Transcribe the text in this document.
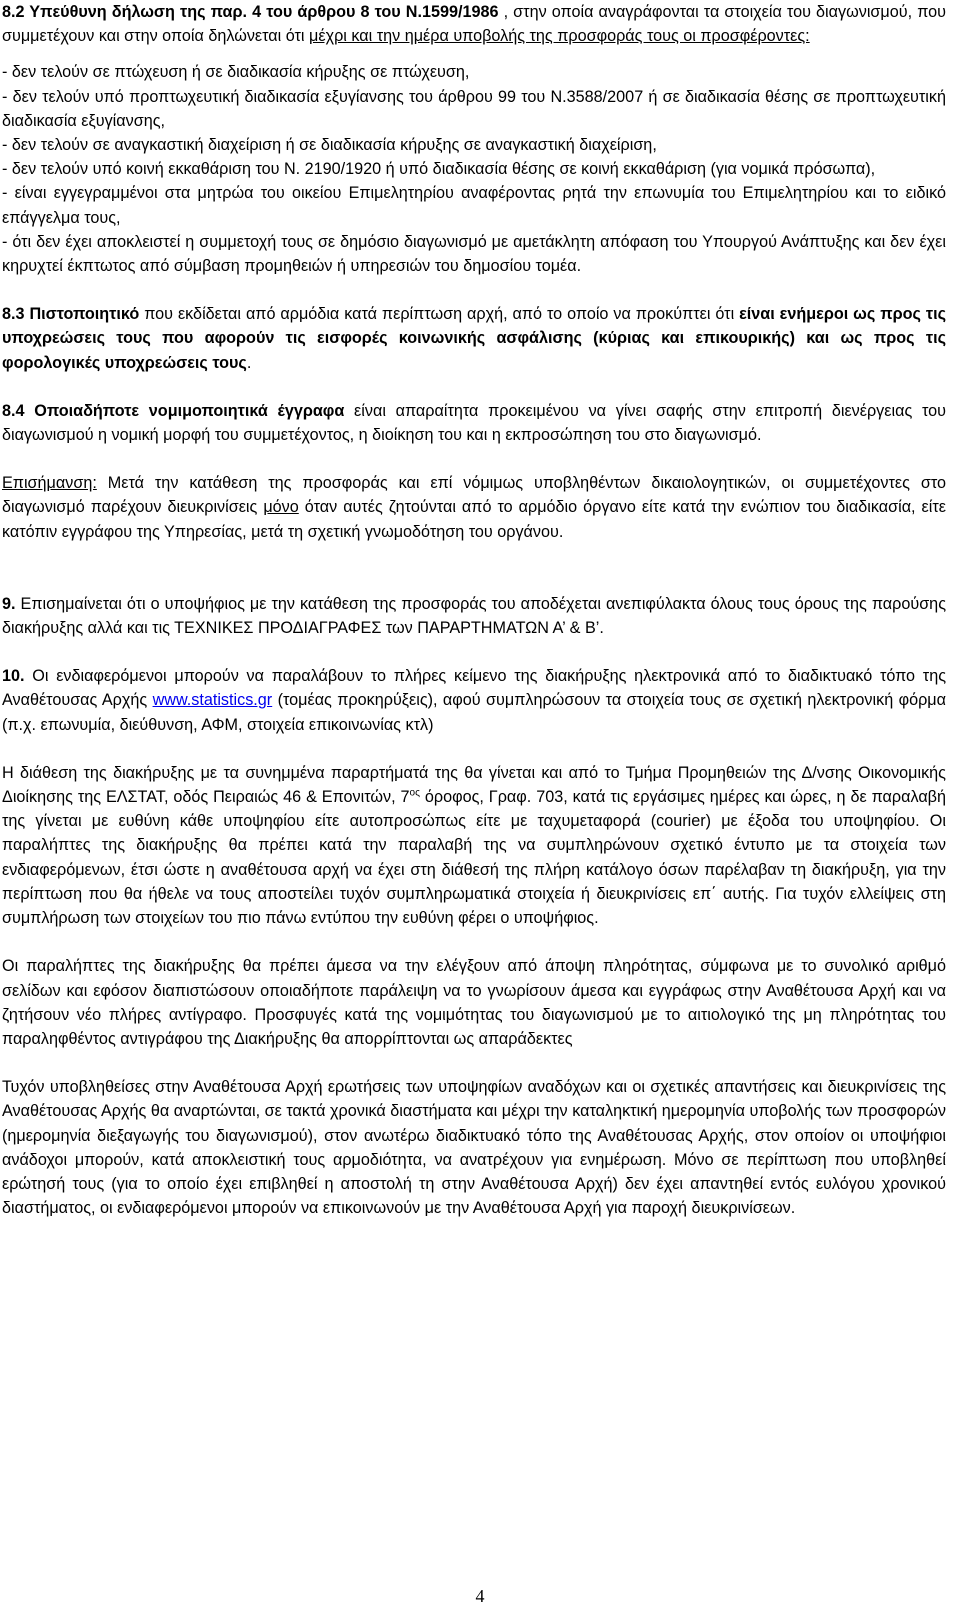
8.2 Υπεύθυνη δήλωση της παρ. 4 του άρθρου 8 του Ν.1599/1986 , στην οποία αναγράφονται τα στοιχεία του διαγωνισμού, που συμμετέχουν και στην οποία δηλώνεται ότι μέχρι και την ημέρα υποβολής της προσφοράς τους οι προσφέροντες:

- δεν τελούν σε πτώχευση ή σε διαδικασία κήρυξης σε πτώχευση,

- δεν τελούν υπό προπτωχευτική διαδικασία εξυγίανσης του άρθρου 99 του Ν.3588/2007 ή σε διαδικασία θέσης σε προπτωχευτική διαδικασία εξυγίανσης,

- δεν τελούν σε αναγκαστική διαχείριση ή σε διαδικασία κήρυξης σε αναγκαστική διαχείριση,

- δεν τελούν υπό κοινή εκκαθάριση του Ν. 2190/1920 ή υπό διαδικασία θέσης σε κοινή εκκαθάριση (για νομικά πρόσωπα),

- είναι εγγεγραμμένοι στα μητρώα του οικείου Επιμελητηρίου αναφέροντας ρητά την επωνυμία του Επιμελητηρίου και το ειδικό επάγγελμα τους,

- ότι δεν έχει αποκλειστεί η συμμετοχή τους σε δημόσιο διαγωνισμό με αμετάκλητη απόφαση του Υπουργού Ανάπτυξης και δεν έχει κηρυχτεί έκπτωτος από σύμβαση προμηθειών ή υπηρεσιών του δημοσίου τομέα.

8.3 Πιστοποιητικό που εκδίδεται από αρμόδια κατά περίπτωση αρχή, από το οποίο να προκύπτει ότι είναι ενήμεροι ως προς τις υποχρεώσεις τους που αφορούν τις εισφορές κοινωνικής ασφάλισης (κύριας και επικουρικής) και ως προς τις φορολογικές υποχρεώσεις τους.

8.4 Οποιαδήποτε νομιμοποιητικά έγγραφα είναι απαραίτητα προκειμένου να γίνει σαφής στην επιτροπή διενέργειας του διαγωνισμού η νομική μορφή του συμμετέχοντος, η διοίκηση του και η εκπροσώπηση του στο διαγωνισμό.

Επισήμανση: Μετά την κατάθεση της προσφοράς και επί νόμιμως υποβληθέντων δικαιολογητικών, οι συμμετέχοντες στο διαγωνισμό παρέχουν διευκρινίσεις μόνο όταν αυτές ζητούνται από το αρμόδιο όργανο είτε κατά την ενώπιον του διαδικασία, είτε κατόπιν εγγράφου της Υπηρεσίας, μετά τη σχετική γνωμοδότηση του οργάνου.

9. Επισημαίνεται ότι ο υποψήφιος με την κατάθεση της προσφοράς του αποδέχεται ανεπιφύλακτα όλους τους όρους της παρούσης διακήρυξης αλλά και τις ΤΕΧΝΙΚΕΣ ΠΡΟΔΙΑΓΡΑΦΕΣ των ΠΑΡΑΡΤΗΜΑΤΩΝ Α’ & Β’.

10. Οι ενδιαφερόμενοι μπορούν να παραλάβουν το πλήρες κείμενο της διακήρυξης ηλεκτρονικά από το διαδικτυακό τόπο της Αναθέτουσας Αρχής www.statistics.gr (τομέας προκηρύξεις), αφού συμπληρώσουν τα στοιχεία τους σε σχετική ηλεκτρονική φόρμα (π.χ. επωνυμία, διεύθυνση, ΑΦΜ, στοιχεία επικοινωνίας κτλ)

Η διάθεση της διακήρυξης με τα συνημμένα παραρτήματά της θα γίνεται και από το Τμήμα Προμηθειών της Δ/νσης Οικονομικής Διοίκησης της ΕΛΣΤΑΤ, οδός Πειραιώς 46 & Επονιτών, $7^{o\varsigma}$ όροφος, Γραφ. 703, κατά τις εργάσιμες ημέρες και ώρες, η δε παραλαβή της γίνεται με ευθύνη κάθε υποψηφίου είτε αυτοπροσώπως είτε με ταχυμεταφορά (courier) με έξοδα του υποψηφίου. Οι παραλήπτες της διακήρυξης θα πρέπει κατά την παραλαβή της να συμπληρώνουν σχετικό έντυπο με τα στοιχεία των ενδιαφερόμενων, έτσι ώστε η αναθέτουσα αρχή να έχει στη διάθεσή της πλήρη κατάλογο όσων παρέλαβαν τη διακήρυξη, για την περίπτωση που θα ήθελε να τους αποστείλει τυχόν συμπληρωματικά στοιχεία ή διευκρινίσεις επ΄ αυτής. Για τυχόν ελλείψεις στη συμπλήρωση των στοιχείων του πιο πάνω εντύπου την ευθύνη φέρει ο υποψήφιος.

Οι παραλήπτες της διακήρυξης θα πρέπει άμεσα να την ελέγξουν από άποψη πληρότητας, σύμφωνα με το συνολικό αριθμό σελίδων και εφόσον διαπιστώσουν οποιαδήποτε παράλειψη να το γνωρίσουν άμεσα και εγγράφως στην Αναθέτουσα Αρχή και να ζητήσουν νέο πλήρες αντίγραφο. Προσφυγές κατά της νομιμότητας του διαγωνισμού με το αιτιολογικό της μη πληρότητας του παραληφθέντος αντιγράφου της Διακήρυξης θα απορρίπτονται ως απαράδεκτες

Τυχόν υποβληθείσες στην Αναθέτουσα Αρχή ερωτήσεις των υποψηφίων αναδόχων και οι σχετικές απαντήσεις και διευκρινίσεις της Αναθέτουσας Αρχής θα αναρτώνται, σε τακτά χρονικά διαστήματα και μέχρι την καταληκτική ημερομηνία υποβολής των προσφορών (ημερομηνία διεξαγωγής του διαγωνισμού), στον ανωτέρω διαδικτυακό τόπο της Αναθέτουσας Αρχής, στον οποίον οι υποψήφιοι ανάδοχοι μπορούν, κατά αποκλειστική τους αρμοδιότητα, να ανατρέχουν για ενημέρωση. Μόνο σε περίπτωση που υποβληθεί ερώτησή τους (για το οποίο έχει επιβληθεί η αποστολή τη στην Αναθέτουσα Αρχή) δεν έχει απαντηθεί εντός ευλόγου χρονικού διαστήματος, οι ενδιαφερόμενοι μπορούν να επικοινωνούν με την Αναθέτουσα Αρχή για παροχή διευκρινίσεων.

4
